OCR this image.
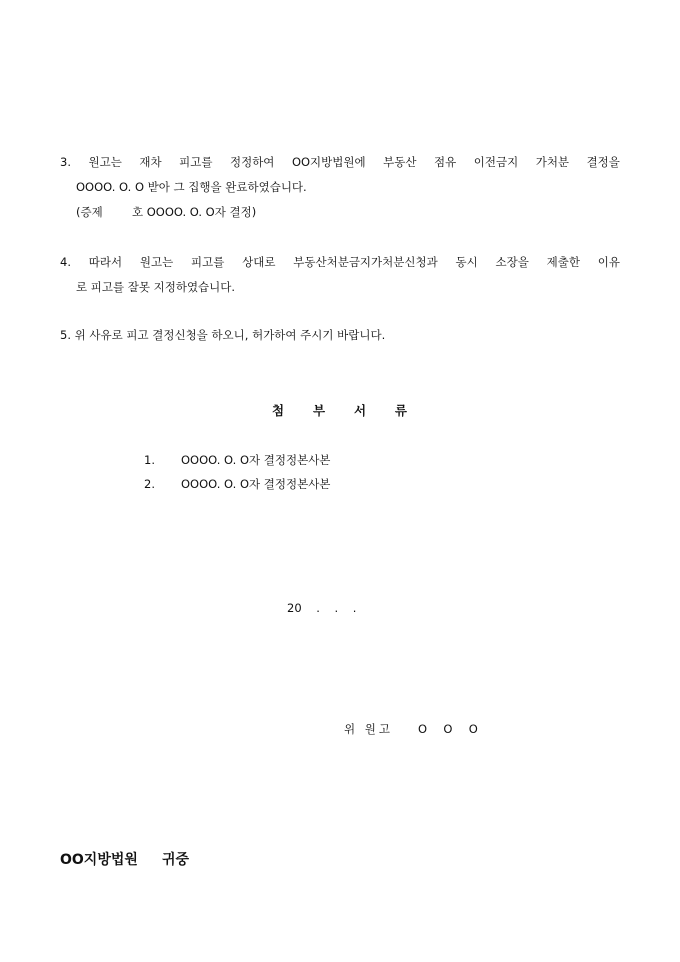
3. 원고는 재차 피고를 정정하여 OO지방법원에 부동산 점유 이전금지 가처분 결정을
OOOO. O. O 받아 그 집행을 완료하였습니다.
(증제        호 OOOO. O. O자 결정)
4. 따라서 원고는 피고를 상대로 부동산처분금지가처분신청과 동시 소장을 제출한 이유
로 피고를 잘못 지정하였습니다.
5. 위 사유로 피고 결정신청을 하오니, 허가하여 주시기 바랍니다.
첨 부 서 류
1. OOOO. O. O자 결정정본사본
2. OOOO. O. O자 결정정본사본
20    .    .    .
위 원고 O  O  O
OO지방법원 귀중
